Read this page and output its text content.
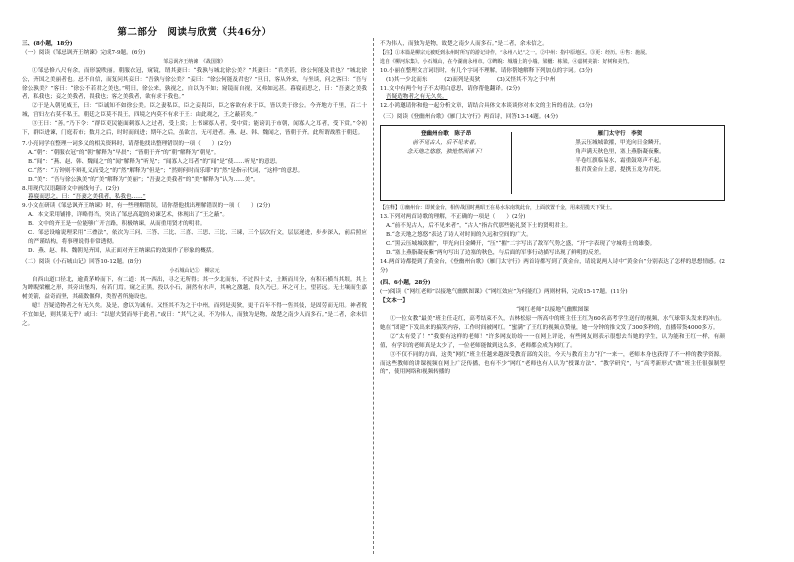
第二部分　阅读与欣赏（共46分）

三、(8小题，18分)

（一）阅读《邹忌讽齐王纳谏》完成7-9题。(6分)

邹忌讽齐王纳谏　《战国策》

①邹忌修八尺有余，而形貌昳丽。朝服衣冠，窥镜，谓其妻曰：“我孰与城北徐公美？”其妻曰：“君美甚，徐公何能及君也？”城北徐公，齐国之美丽者也。忌不自信，而复问其妾曰：“吾孰与徐公美？”妾曰：“徐公何能及君也？”旦日，客从外来，与坐谈，问之客曰：“吾与徐公孰美？”客曰：“徐公不若君之美也。”明日，徐公来，孰视之，自以为不如；窥镜而自视，又弗如远甚。暮寝而思之，曰：“吾妻之美我者，私我也；妾之美我者，畏我也；客之美我者，欲有求于我也。”

②于是入朝见威王，曰：“臣诚知不如徐公美。臣之妻私臣，臣之妾畏臣，臣之客欲有求于臣，皆以美于徐公。今齐地方千里，百二十城，宫妇左右莫不私王，朝廷之臣莫不畏王，四境之内莫不有求于王：由此观之，王之蔽甚矣。”

③王曰：“善。”乃下令：“群臣吏民能面刺寡人之过者，受上赏；上书谏寡人者，受中赏；能谤讥于市朝，闻寡人之耳者，受下赏。”令初下，群臣进谏，门庭若市；数月之后，时时而间进；期年之后，虽欲言，无可进者。燕、赵、韩、魏闻之，皆朝于齐。此所谓战胜于朝廷。

7.小亮同学在整理一词多义的相关资料时，请帮他找出整理错误的一项（　　）(2分)

A.“朝”：“朝服衣冠”的“朝”解释为“早晨”；“皆朝于齐”的“朝”解释为“朝见”。

B.“闻”：“燕、赵、韩、魏闻之”的“闻”解释为“听见”；“闻寡人之耳者”的“闻”是“使……听见”的意思。

C.“然”：“万钟则不辩礼义而受之”的“然”解释为“但是”；“然则何时而乐耶”的“然”是指示代词，“这样”的意思。

D.“美”：“吾与徐公孰美”的“美”解释为“美丽”；“吾妻之美我者”的“美”解释为“认为……美”。

8.用现代汉语翻译文中画线句子。(2分)

暮寝而思之，曰：“吾妻之美我者，私我也……”

9.小文在研读《邹忌讽齐王纳谏》时，有一些理解错误，请你帮他找出理解错误的一项（　　）(2分)

A．本文采用铺排，详略得当，突出了邹忌高超的劝谏艺术，体现出了“王之蔽”。

B．文中的齐王是一位能够广开言路，积极纳谏，从而重用贤才的明君。

C．邹忌设喻说理采用“三叠法”，依次为三问、三答、三比、三喜、三思、三比、三谏，三个层次行文，层层递进，步步深入，前后照应的严谨结构，将事理说得非常透彻。

D．燕、赵、韩、魏朝见齐国，从正面对齐王纳谏后的效果作了形象的概括。

（二）阅读《小石城山记》回答10-12题。(8分)

小石城山记①　柳宗元

自西山道口径北，逾黄茅岭而下，有二道：其一西出，寻之无所得；其一少北而东，不过四十丈，土断而川分，有积石横当其垠。其上为睥睨梁欐之形，其旁出堡坞，有若门焉。窥之正黑，投以小石，洞然有水声，其响之激越，良久乃已。环之可上，望甚远。无土壤而生嘉树美箭，益奇而坚，其疏数偃仰，类智者所施设也。

噫！吾疑造物者之有无久矣。及是，愈以为诚有。又怪其不为之于中州，而列是夷狄，更千百年不得一售其伎，是固劳而无用。神者傥不宜如是，则其果无乎？或曰：“以慰夫贤而辱于此者。”或曰：“其气之灵，不为伟人，而独为是物，故楚之南少人而多石。”是二者，余未信之。

不为伟人，而独为是物，故楚之南少人而多石。”是二者，余未信之。

【注】①本篇是柳宗元被贬到永州时所写的游记诗作，“永州八记”之一。②中州：指中原地区。③更：经历。④售：施展。

选自《柳河东集》。小石城山，在今湖南永州市。③睥睨：城墙上的小墙。梁欐：栋梁。④嘉树美箭：好树和美竹。

10.小丽在整理文言词语时，有几个字词不理解，请你帮她解释下列加点的字词。(3分)

(1)其一少北而东　　　(2)而列是夷狄　　　(3)又怪其不为之于中州

11.文中有两个句子不太明白意思，请你帮他翻译。(2分)

吾疑造物者之有无久矣。

12.小鸿邀请你和他一起分析文章，请结合具体文本谈谈你对本文的主旨的看法。(3分)

（三）阅读《登幽州台歌》《雁门太守行》两首诗，回答13-14题。(4分)

登幽州台歌　陈子昂
前不见古人，后不见来者。
念天地之悠悠，独怆然而涕下！
雁门太守行　李贺
黑云压城城欲摧，甲光向日金鳞开。
角声满天秋色里，塞上燕脂凝夜紫。
半卷红旗临易水，霜重鼓寒声不起。
报君黄金台上意，提携玉龙为君死。

【注释】①幽州台：即黄金台，相传战国时燕昭王在易水东南筑此台，上面放置千金，用来招揽天下贤士。

13.下列对两首诗歌的理解，不正确的一项是（　　）(2分)

A.“前不见古人，后不见来者”，“古人”指古代那些能礼贤下士的贤明君主。

B.“念天地之悠悠”表达了诗人对时间的久远和空间的广大。

C.“黑云压城城欲摧”，甲光向日金鳞开，“压”“摧”二字写出了敌军气势之盛，“开”字表现了守城将士的雄姿。

D.“塞上燕脂凝夜紫”两句写出了边塞的秋色，与后面的军事行动描写出现了鲜明的反差。

14.两首诗都提到了黄金台，《登幽州台歌》《雁门太守行》两首诗都写到了黄金台，请说说两人诗中“黄金台”分别表达了怎样的思想情感。(2分)

(四、6小题，28分)

(一)阅读《“网红老师”以接地气幽默图课》《“网红效应”为何能红》两则材料，完成15-17题。(11分)

【文本一】

“网红老师”以接地气幽默图课

①一位女教“最美”班主任走红，高考结束不久，吉林松原一所高中的班主任王红为60名高考学生送行的视频，水气球带头发来的冲击。她在“团建”下发出来的搞笑内容，工作时间被网红。“蜜满”了王红的视频点赞量，她一分钟的推文发了300多秒的，直播带货4000多万。

②“太有爱了！”“我要有这样的老师！”许多网友纷纷一一在网上评论，有些网友则表示很想去当她的学生，认为能和王红一样，有颜值，有学识的老师真是太少了，一位老师能做到这么多，老师都会成为网红了。

③不仅不同的方面，这类“网红”班主任越来越深受教育部的关注，今天与教育主力“打”一来一，老师本身也获得了不一样的教学资源。而这些教师的讲课视频在网上广泛传播，也有不少“网红”老师也有人认为“授课方法”、“教学研究”，与“高考新形式”做“班主任很强制型的”，使用网络和视频转播的
